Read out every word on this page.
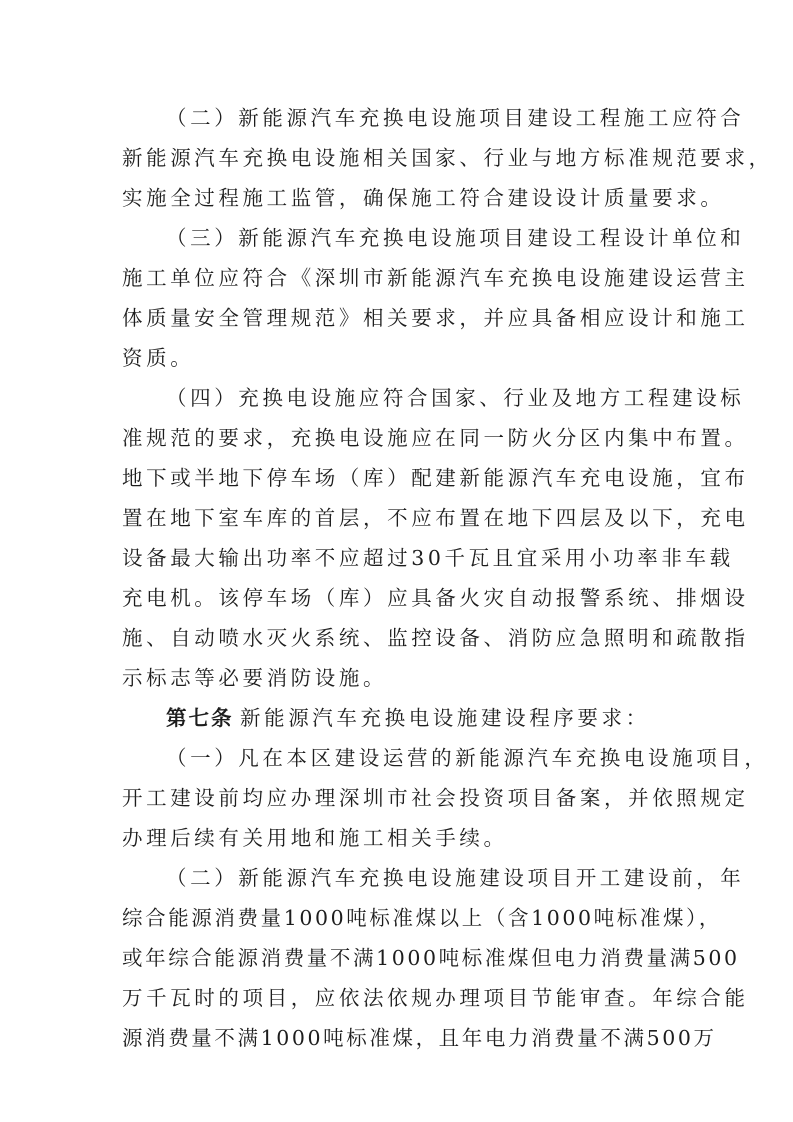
（二）新能源汽车充换电设施项目建设工程施工应符合
新能源汽车充换电设施相关国家、行业与地方标准规范要求，
实施全过程施工监管，确保施工符合建设设计质量要求。
（三）新能源汽车充换电设施项目建设工程设计单位和
施工单位应符合《深圳市新能源汽车充换电设施建设运营主
体质量安全管理规范》相关要求，并应具备相应设计和施工
资质。
（四）充换电设施应符合国家、行业及地方工程建设标
准规范的要求，充换电设施应在同一防火分区内集中布置。
地下或半地下停车场（库）配建新能源汽车充电设施，宜布
置在地下室车库的首层，不应布置在地下四层及以下，充电
设备最大输出功率不应超过30千瓦且宜采用小功率非车载
充电机。该停车场（库）应具备火灾自动报警系统、排烟设
施、自动喷水灭火系统、监控设备、消防应急照明和疏散指
示标志等必要消防设施。
第七条 新能源汽车充换电设施建设程序要求：
（一）凡在本区建设运营的新能源汽车充换电设施项目，
开工建设前均应办理深圳市社会投资项目备案，并依照规定
办理后续有关用地和施工相关手续。
（二）新能源汽车充换电设施建设项目开工建设前，年
综合能源消费量1000吨标准煤以上（含1000吨标准煤），
或年综合能源消费量不满1000吨标准煤但电力消费量满500
万千瓦时的项目，应依法依规办理项目节能审查。年综合能
源消费量不满1000吨标准煤，且年电力消费量不满500万
